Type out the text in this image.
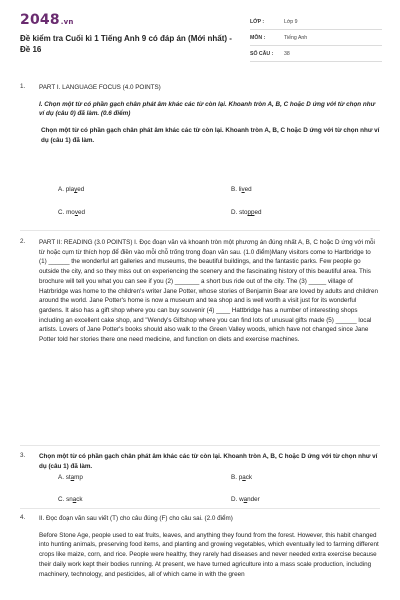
2048.vn
Đề kiểm tra Cuối kì 1 Tiếng Anh 9 có đáp án (Mới nhất) - Đề 16
LỚP :	Lớp 9
MÔN :	Tiếng Anh
SỐ CÂU :	38
1. PART I. LANGUAGE FOCUS (4.0 POINTS)
I. Chọn một từ có phần gạch chân phát âm khác các từ còn lại. Khoanh tròn A, B, C hoặc D ứng với từ chọn như ví dụ (câu 0) đã làm. (0.6 điểm)
Chọn một từ có phần gạch chân phát âm khác các từ còn lại. Khoanh tròn A, B, C hoặc D ứng với từ chọn như ví dụ (câu 1) đã làm.
A. played	B. lived
C. moved	D. stopped
2. PART II: READING (3.0 POINTS) I. Đọc đoạn văn và khoanh tròn một phương án đúng nhất A, B, C hoặc D ứng với mỗi từ hoặc cụm từ thích hợp để điền vào mỗi chỗ trống trong đoạn văn sau. (1.0 điểm)Many visitors come to Hartbridge to (1) ______ the wonderful art galleries and museums, the beautiful buildings, and the fantastic parks. Few people go outside the city, and so they miss out on experiencing the scenery and the fascinating history of this beautiful area. This brochure will tell you what you can see if you (2) _______ a short bus ride out of the city. The (3) _____ village of Hatrbridge was home to the children's writer Jane Potter, whose stories of Benjamin Bear are loved by adults and children around the world. Jane Potter's home is now a museum and tea shop and is well worth a visit just for its wonderful gardens. It also has a gift shop where you can buy souvenir (4) ____ Hattbridge has a number of interesting shops including an excellent cake shop, and "Wendy's Giftshop where you can find lots of unusual gifts made (5) ______ local artists. Lovers of Jane Potter's books should also walk to the Green Valley woods, which have not changed since Jane Potter told her stories there one need medicine, and function on diets and exercise machines.
3. Chọn một từ có phần gạch chân phát âm khác các từ còn lại. Khoanh tròn A, B, C hoặc D ứng với từ chọn như ví dụ (câu 1) đã làm.
A. stamp	B. pack
C. snack	D. wander
4. II. Đọc đoạn văn sau viết (T) cho câu đúng (F) cho câu sai. (2.0 điểm)
Before Stone Age, people used to eat fruits, leaves, and anything they found from the forest. However, this habit changed into hunting animals, preserving food items, and planting and growing vegetables, which eventually led to farming different crops like maize, corn, and rice. People were healthy, they rarely had diseases and never needed extra exercise because their daily work kept their bodies running. At present, we have turned agriculture into a mass scale production, including machinery, technology, and pesticides, all of which came in with the green
